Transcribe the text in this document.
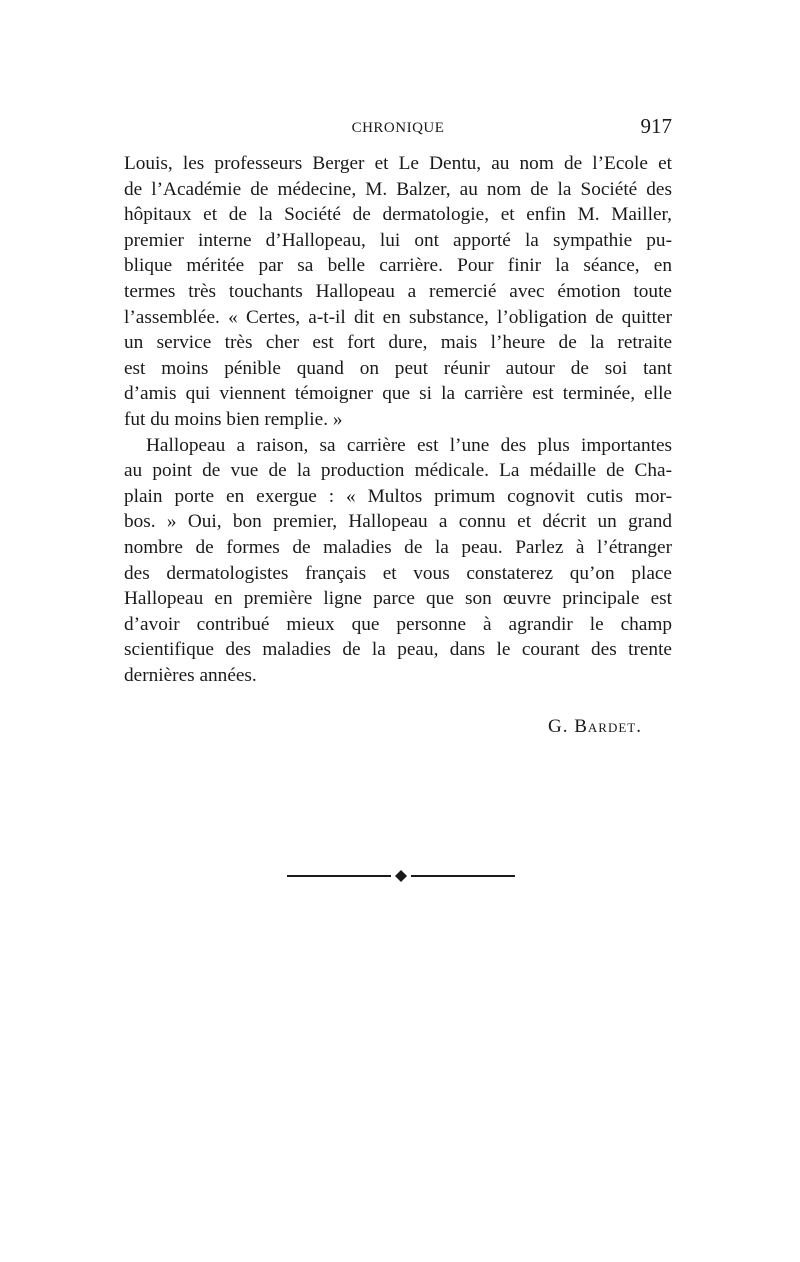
CHRONIQUE	917
Louis, les professeurs Berger et Le Dentu, au nom de l’Ecole et
de l’Académie de médecine, M. Balzer, au nom de la Société des
hôpitaux et de la Société de dermatologie, et enfin M. Mailler,
premier interne d’Hallopeau, lui ont apporté la sympathie pu-
blique méritée par sa belle carrière. Pour finir la séance, en
termes très touchants Hallopeau a remercié avec émotion toute
l’assemblée. « Certes, a-t-il dit en substance, l’obligation de quitter
un service très cher est fort dure, mais l’heure de la retraite
est moins pénible quand on peut réunir autour de soi tant
d’amis qui viennent témoigner que si la carrière est terminée, elle
fut du moins bien remplie. »
Hallopeau a raison, sa carrière est l’une des plus importantes
au point de vue de la production médicale. La médaille de Cha-
plain porte en exergue : « Multos primum cognovit cutis mor-
bos. » Oui, bon premier, Hallopeau a connu et décrit un grand
nombre de formes de maladies de la peau. Parlez à l’étranger
des dermatologistes français et vous constaterez qu’on place
Hallopeau en première ligne parce que son œuvre principale est
d’avoir contribué mieux que personne à agrandir le champ
scientifique des maladies de la peau, dans le courant des trente
dernières années.
G. Bardet.
